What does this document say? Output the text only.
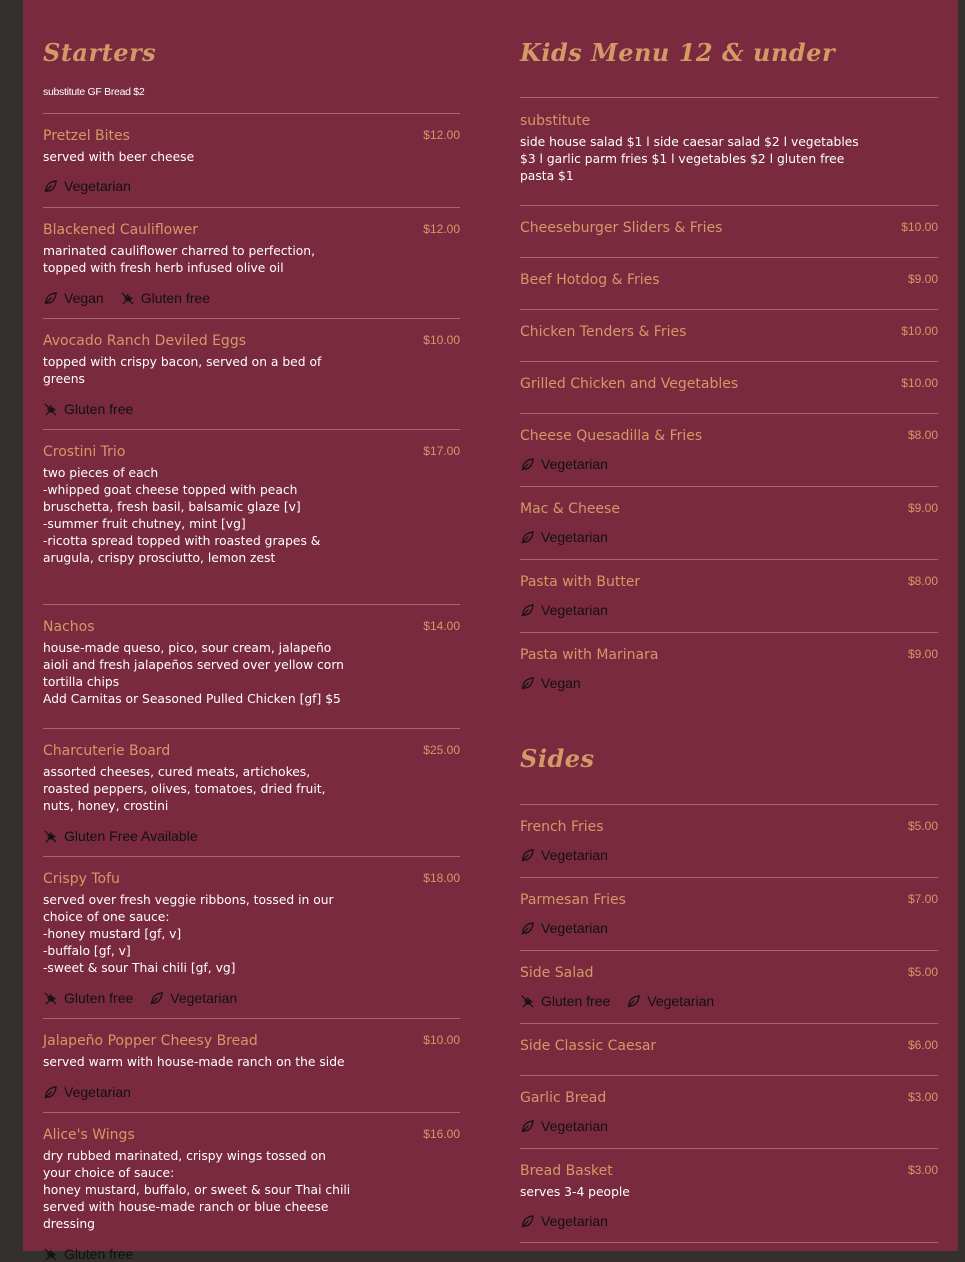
Starters
substitute GF Bread $2
Pretzel Bites	$12.00
served with beer cheese
Vegetarian
Blackened Cauliflower	$12.00
marinated cauliflower charred to perfection,
topped with fresh herb infused olive oil
Vegan	Gluten free
Avocado Ranch Deviled Eggs	$10.00
topped with crispy bacon, served on a bed of
greens
Gluten free
Crostini Trio	$17.00
two pieces of each
-whipped goat cheese topped with peach
bruschetta, fresh basil, balsamic glaze [v]
-summer fruit chutney, mint [vg]
-ricotta spread topped with roasted grapes &
arugula, crispy prosciutto, lemon zest
Nachos	$14.00
house-made queso, pico, sour cream, jalapeño
aioli and fresh jalapeños served over yellow corn
tortilla chips
Add Carnitas or Seasoned Pulled Chicken [gf] $5
Charcuterie Board	$25.00
assorted cheeses, cured meats, artichokes,
roasted peppers, olives, tomatoes, dried fruit,
nuts, honey, crostini
Gluten Free Available
Crispy Tofu	$18.00
served over fresh veggie ribbons, tossed in our
choice of one sauce:
-honey mustard [gf, v]
-buffalo [gf, v]
-sweet & sour Thai chili [gf, vg]
Gluten free	Vegetarian
Jalapeño Popper Cheesy Bread	$10.00
served warm with house-made ranch on the side
Vegetarian
Alice's Wings	$16.00
dry rubbed marinated, crispy wings tossed on
your choice of sauce:
honey mustard, buffalo, or sweet & sour Thai chili
served with house-made ranch or blue cheese
dressing
Gluten free
Kids Menu 12 & under
substitute
side house salad $1 l side caesar salad $2 l vegetables
$3 l garlic parm fries $1 l vegetables $2 l gluten free
pasta $1
Cheeseburger Sliders & Fries	$10.00
Beef Hotdog & Fries	$9.00
Chicken Tenders & Fries	$10.00
Grilled Chicken and Vegetables	$10.00
Cheese Quesadilla & Fries	$8.00
Vegetarian
Mac & Cheese	$9.00
Vegetarian
Pasta with Butter	$8.00
Vegetarian
Pasta with Marinara	$9.00
Vegan
Sides
French Fries	$5.00
Vegetarian
Parmesan Fries	$7.00
Vegetarian
Side Salad	$5.00
Gluten free	Vegetarian
Side Classic Caesar	$6.00
Garlic Bread	$3.00
Vegetarian
Bread Basket	$3.00
serves 3-4 people
Vegetarian
